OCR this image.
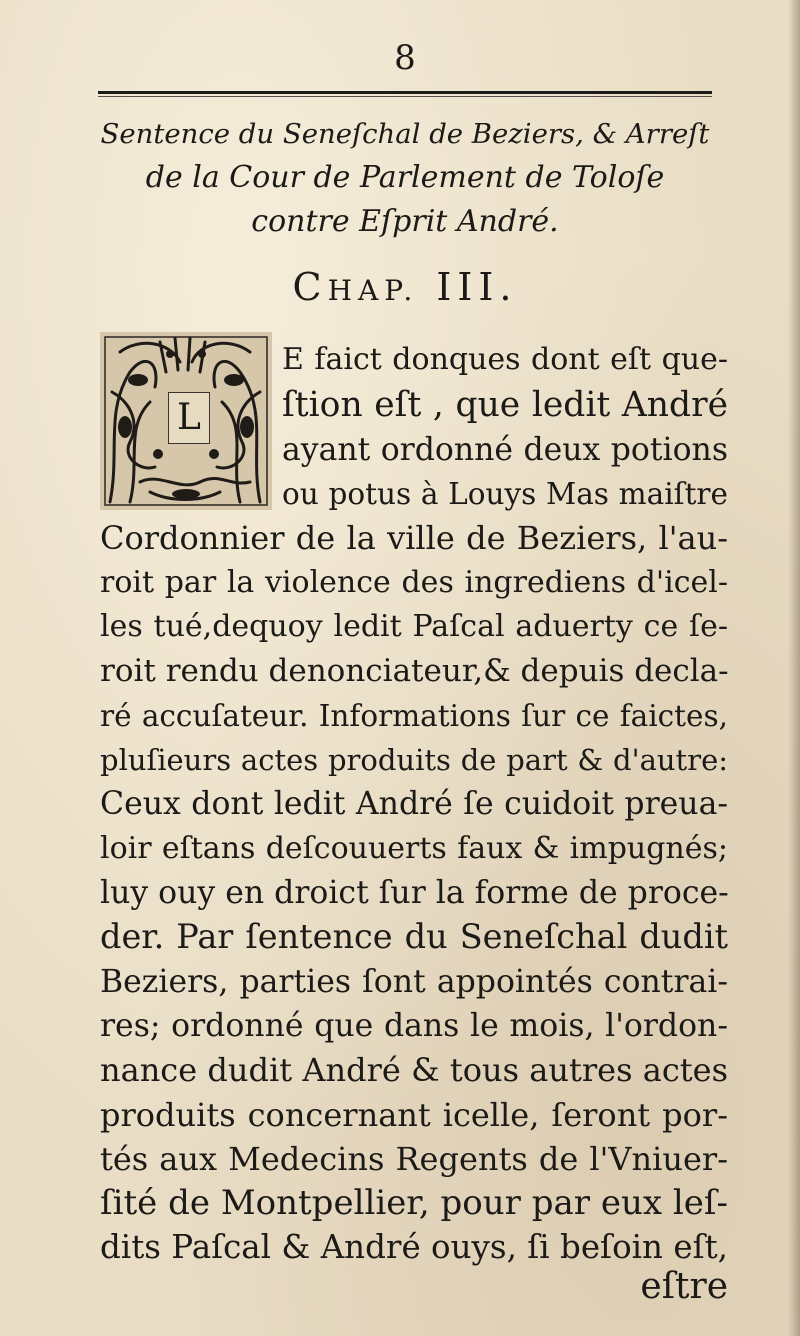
8
Sentence du Seneſchal de Beziers, & Arreſt
de la Cour de Parlement de Toloſe
contre Eſprit André.
CHAP. III.
L
E faict donques dont eſt que-
ſtion eſt , que ledit André
ayant ordonné deux potions
ou potus à Louys Mas maiſtre
Cordonnier de la ville de Beziers, l'au-
roit par la violence des ingrediens d'icel-
les tué,dequoy ledit Paſcal aduerty ce ſe-
roit rendu denonciateur,& depuis decla-
ré accuſateur. Informations ſur ce faictes,
pluſieurs actes produits de part & d'autre:
Ceux dont ledit André ſe cuidoit preua-
loir eſtans deſcouuerts faux & impugnés;
luy ouy en droict ſur la forme de proce-
der. Par ſentence du Seneſchal dudit
Beziers, parties ſont appointés contrai-
res; ordonné que dans le mois, l'ordon-
nance dudit André & tous autres actes
produits concernant icelle, ſeront por-
tés aux Medecins Regents de l'Vniuer-
ſité de Montpellier, pour par eux leſ-
dits Paſcal & André ouys, ſi beſoin eſt,
eſtre
